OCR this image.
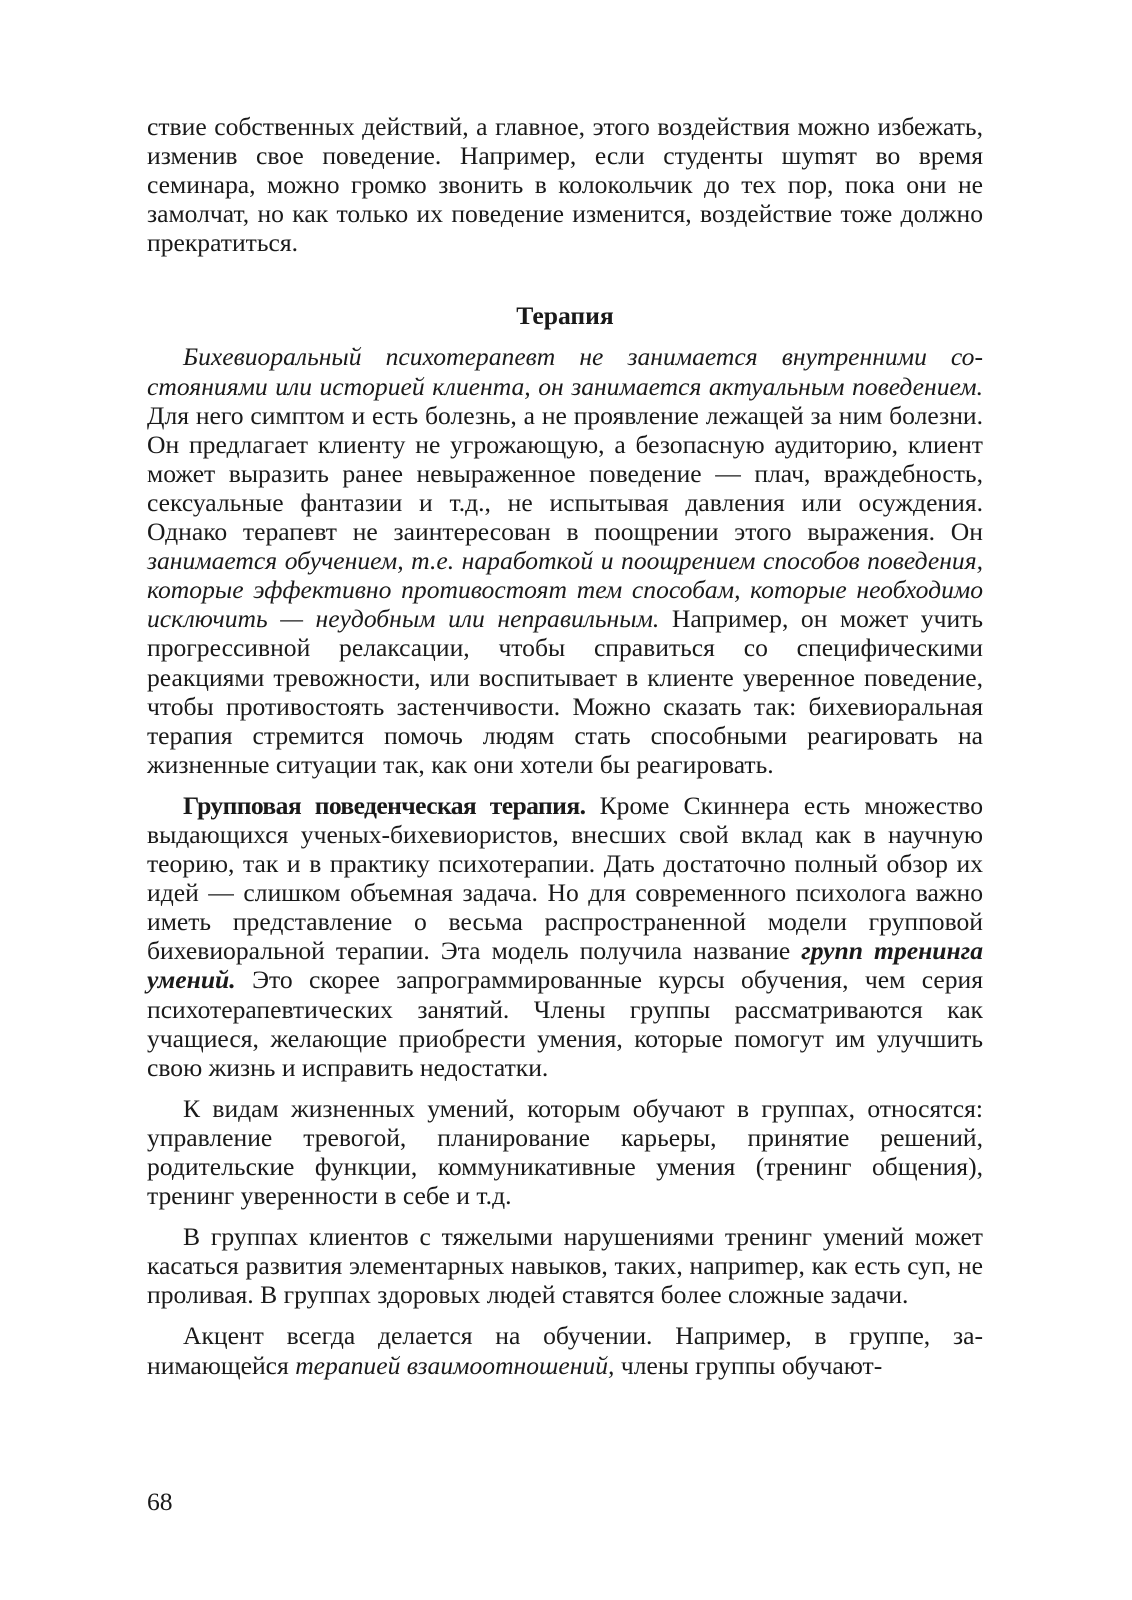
ствие собственных действий, а главное, этого воздействия можно избежать, изменив свое поведение. Например, если студенты шуmят во время семинара, можно громко звонить в колокольчик до тех пор, пока они не замолчат, но как только их поведение изменится, воздействие тоже должно прекратиться.

Терапия

Бихевиоральный психотерапевт не занимается внутренними состояниями или историей клиента, он занимается актуальным поведением. Для него симптом и есть болезнь, а не проявление лежащей за ним болезни. Он предлагает клиенту не угрожающую, а безопасную аудиторию, клиент может выразить ранее невыраженное поведение — плач, враждебность, сексуальные фантазии и т.д., не испытывая давления или осуждения. Однако терапевт не заинтересован в поощрении этого выражения. Он занимается обучением, т.е. наработкой и поощрением способов поведения, которые эффективно противостоят тем способам, которые необходимо исключить — неудобным или неправильным. Например, он может учить прогрессивной релаксации, чтобы справиться со специфическими реакциями тревожности, или воспитывает в клиенте уверенное поведение, чтобы противостоять застенчивости. Можно сказать так: бихевиоральная терапия стремится помочь людям стать способными реагировать на жизненные ситуации так, как они хотели бы реагировать.

Групповая поведенческая терапия. Кроме Скиннера есть множество выдающихся ученых-бихевиористов, внесших свой вклад как в научную теорию, так и в практику психотерапии. Дать достаточно полный обзор их идей — слишком объемная задача. Но для современного психолога важно иметь представление о весьма распространенной модели групповой бихевиоральной терапии. Эта модель получила название групп тренинга умений. Это скорее запрограммированные курсы обучения, чем серия психотерапевтических занятий. Члены группы рассматриваются как учащиеся, желающие приобрести умения, которые помогут им улучшить свою жизнь и исправить недостатки.

К видам жизненных умений, которым обучают в группах, относятся: управление тревогой, планирование карьеры, принятие решений, родительские функции, коммуникативные умения (тренинг общения), тренинг уверенности в себе и т.д.

В группах клиентов с тяжелыми нарушениями тренинг умений может касаться развития элементарных навыков, таких, наприmер, как есть суп, не проливая. В группах здоровых людей ставятся более сложные задачи.

Акцент всегда делается на обучении. Например, в группе, занимающейся терапией взаимоотношений, члены группы обучают-

68
